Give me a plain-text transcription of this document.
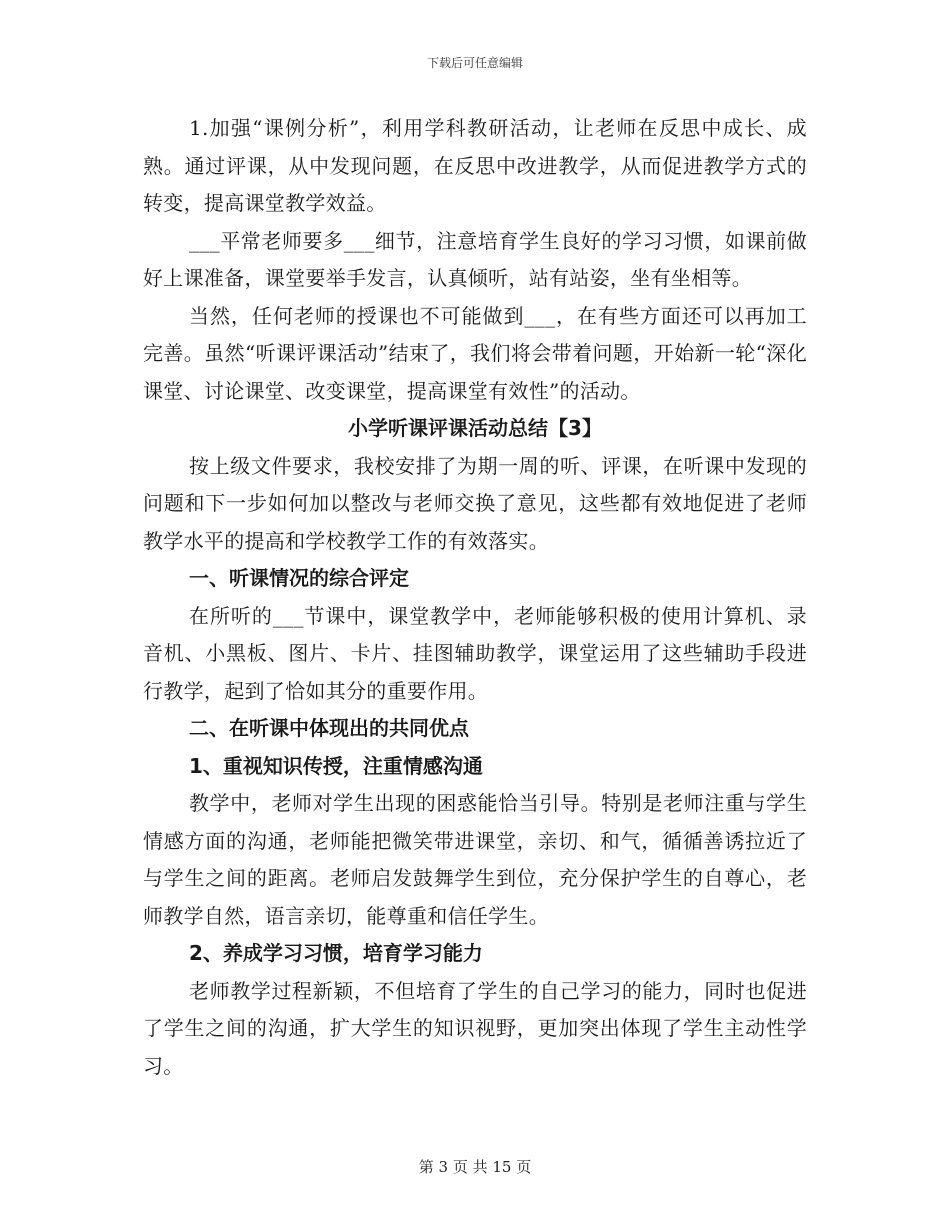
下载后可任意编辑

1.加强“课例分析”，利用学科教研活动，让老师在反思中成长、成熟。通过评课，从中发现问题，在反思中改进教学，从而促进教学方式的转变，提高课堂教学效益。

___平常老师要多___细节，注意培育学生良好的学习习惯，如课前做好上课准备，课堂要举手发言，认真倾听，站有站姿，坐有坐相等。

当然，任何老师的授课也不可能做到___，在有些方面还可以再加工完善。虽然“听课评课活动”结束了，我们将会带着问题，开始新一轮“深化课堂、讨论课堂、改变课堂，提高课堂有效性”的活动。

小学听课评课活动总结【3】

按上级文件要求，我校安排了为期一周的听、评课，在听课中发现的问题和下一步如何加以整改与老师交换了意见，这些都有效地促进了老师教学水平的提高和学校教学工作的有效落实。

一、听课情况的综合评定

在所听的___节课中，课堂教学中，老师能够积极的使用计算机、录音机、小黑板、图片、卡片、挂图辅助教学，课堂运用了这些辅助手段进行教学，起到了恰如其分的重要作用。

二、在听课中体现出的共同优点

1、重视知识传授，注重情感沟通

教学中，老师对学生出现的困惑能恰当引导。特别是老师注重与学生情感方面的沟通，老师能把微笑带进课堂，亲切、和气，循循善诱拉近了与学生之间的距离。老师启发鼓舞学生到位，充分保护学生的自尊心，老师教学自然，语言亲切，能尊重和信任学生。

2、养成学习习惯，培育学习能力

老师教学过程新颖，不但培育了学生的自己学习的能力，同时也促进了学生之间的沟通，扩大学生的知识视野，更加突出体现了学生主动性学习。

第 3 页 共 15 页
